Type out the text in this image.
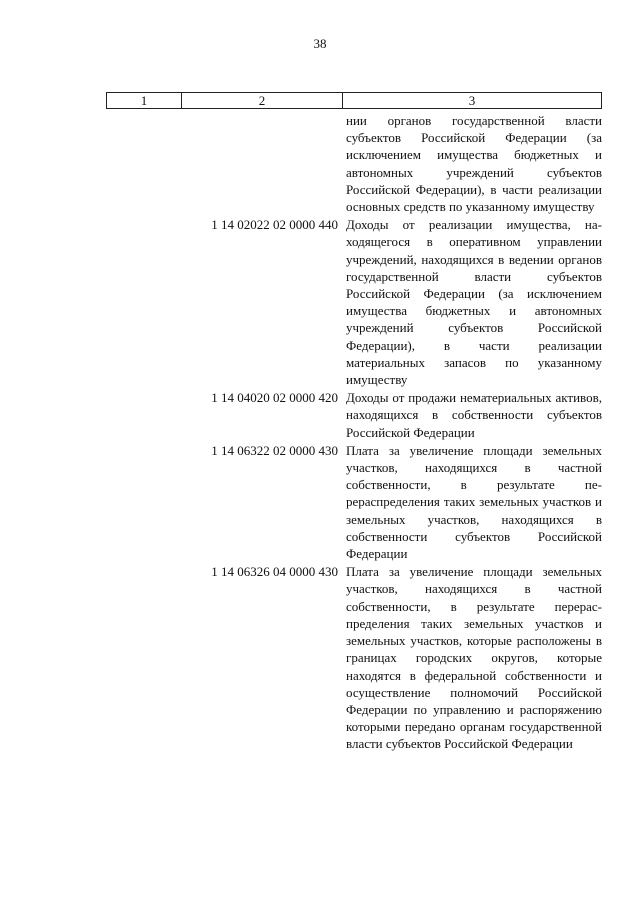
38
1	2	3
нии органов государственной власти субъектов Российской Федерации (за исключением имущества бюджетных и автономных учреждений субъектов Российской Федерации), в части реализации основных средств по указанному имуществу
1 14 02022 02 0000 440 Доходы от реализации имущества, находящегося в оперативном управлении учреждений, находящихся в ведении органов государственной власти субъектов Российской Федерации (за исключением имущества бюджетных и автономных учреждений субъектов Российской Федерации), в части реализации материальных запасов по указанному имуществу
1 14 04020 02 0000 420 Доходы от продажи нематериальных активов, находящихся в собственности субъектов Российской Федерации
1 14 06322 02 0000 430 Плата за увеличение площади земельных участков, находящихся в частной собственности, в результате перераспределения таких земельных участков и земельных участков, находящихся в собственности субъектов Российской Федерации
1 14 06326 04 0000 430 Плата за увеличение площади земельных участков, находящихся в частной собственности, в результате перераспределения таких земельных участков и земельных участков, которые расположены в границах городских округов, которые находятся в федеральной собственности и осуществление полномочий Российской Федерации по управлению и распоряжению которыми передано органам государственной власти субъектов Российской Федерации
